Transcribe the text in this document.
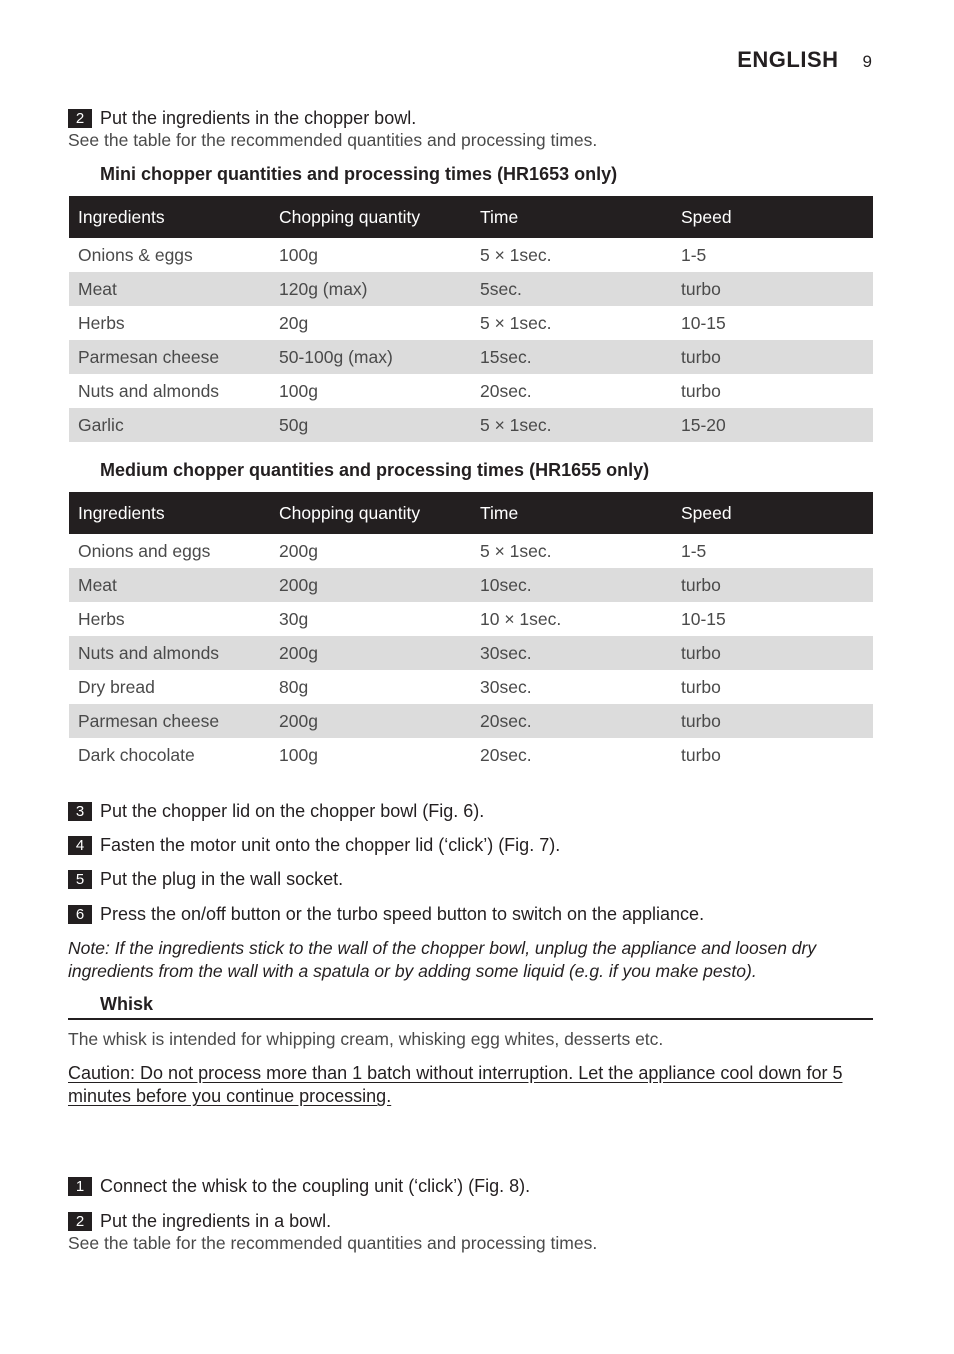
ENGLISH 9
2 Put the ingredients in the chopper bowl.
See the table for the recommended quantities and processing times.
Mini chopper quantities and processing times (HR1653 only)
Ingredients	Chopping quantity	Time	Speed
Onions & eggs	100g	5 × 1sec.	1-5
Meat	120g (max)	5sec.	turbo
Herbs	20g	5 × 1sec.	10-15
Parmesan cheese	50-100g (max)	15sec.	turbo
Nuts and almonds	100g	20sec.	turbo
Garlic	50g	5 × 1sec.	15-20
Medium chopper quantities and processing times (HR1655 only)
Ingredients	Chopping quantity	Time	Speed
Onions and eggs	200g	5 × 1sec.	1-5
Meat	200g	10sec.	turbo
Herbs	30g	10 × 1sec.	10-15
Nuts and almonds	200g	30sec.	turbo
Dry bread	80g	30sec.	turbo
Parmesan cheese	200g	20sec.	turbo
Dark chocolate	100g	20sec.	turbo
3 Put the chopper lid on the chopper bowl (Fig. 6).
4 Fasten the motor unit onto the chopper lid (‘click’) (Fig. 7).
5 Put the plug in the wall socket.
6 Press the on/off button or the turbo speed button to switch on the appliance.
Note: If the ingredients stick to the wall of the chopper bowl, unplug the appliance and loosen dry ingredients from the wall with a spatula or by adding some liquid (e.g. if you make pesto).
Whisk
The whisk is intended for whipping cream, whisking egg whites, desserts etc.
Caution: Do not process more than 1 batch without interruption. Let the appliance cool down for 5 minutes before you continue processing.
1 Connect the whisk to the coupling unit (‘click’) (Fig. 8).
2 Put the ingredients in a bowl.
See the table for the recommended quantities and processing times.
